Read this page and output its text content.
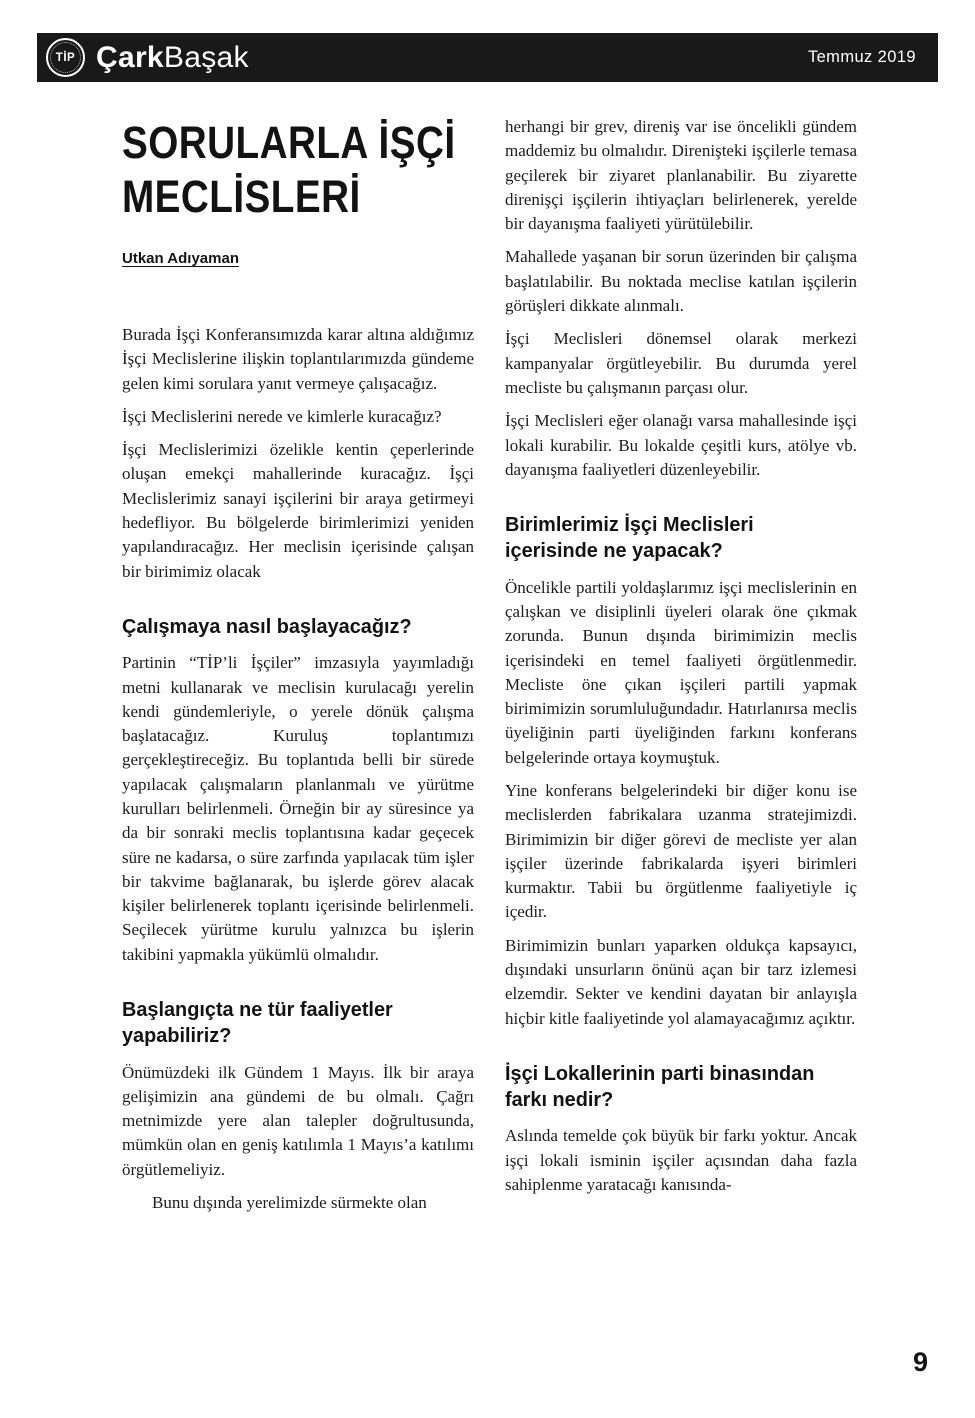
TİP Çark Başak	Temmuz 2019
SORULARLA İŞÇİ
MECLİSLERİ
Utkan Adıyaman

Burada İşçi Konferansımızda karar altına aldığımız İşçi Meclislerine ilişkin toplantılarımızda gündeme gelen kimi sorulara yanıt vermeye çalışacağız.

İşçi Meclislerini nerede ve kimlerle kuracağız?

İşçi Meclislerimizi özelikle kentin çeperlerinde oluşan emekçi mahallerinde kuracağız. İşçi Meclislerimiz sanayi işçilerini bir araya getirmeyi hedefliyor. Bu bölgelerde birimlerimizi yeniden yapılandıracağız. Her meclisin içerisinde çalışan bir birimimiz olacak

Çalışmaya nasıl başlayacağız?

Partinin “TİP’li İşçiler” imzasıyla yayımladığı metni kullanarak ve meclisin kurulacağı yerelin kendi gündemleriyle, o yerele dönük çalışma başlatacağız. Kuruluş toplantımızı gerçekleştireceğiz. Bu toplantıda belli bir sürede yapılacak çalışmaların planlanmalı ve yürütme kurulları belirlenmeli. Örneğin bir ay süresince ya da bir sonraki meclis toplantısına kadar geçecek süre ne kadarsa, o süre zarfında yapılacak tüm işler bir takvime bağlanarak, bu işlerde görev alacak kişiler belirlenerek toplantı içerisinde belirlenmeli. Seçilecek yürütme kurulu yalnızca bu işlerin takibini yapmakla yükümlü olmalıdır.

Başlangıçta ne tür faaliyetler yapabiliriz?

Önümüzdeki ilk Gündem 1 Mayıs. İlk bir araya gelişimizin ana gündemi de bu olmalı. Çağrı metnimizde yere alan talepler doğrultusunda, mümkün olan en geniş katılımla 1 Mayıs’a katılımı örgütlemeliyiz.

Bunu dışında yerelimizde sürmekte olan

herhangi bir grev, direniş var ise öncelikli gündem maddemiz bu olmalıdır. Direnişteki işçilerle temasa geçilerek bir ziyaret planlanabilir. Bu ziyarette direnişçi işçilerin ihtiyaçları belirlenerek, yerelde bir dayanışma faaliyeti yürütülebilir.

Mahallede yaşanan bir sorun üzerinden bir çalışma başlatılabilir. Bu noktada meclise katılan işçilerin görüşleri dikkate alınmalı.

İşçi Meclisleri dönemsel olarak merkezi kampanyalar örgütleyebilir. Bu durumda yerel mecliste bu çalışmanın parçası olur.

İşçi Meclisleri eğer olanağı varsa mahallesinde işçi lokali kurabilir. Bu lokalde çeşitli kurs, atölye vb. dayanışma faaliyetleri düzenleyebilir.

Birimlerimiz İşçi Meclisleri içerisinde ne yapacak?

Öncelikle partili yoldaşlarımız işçi meclislerinin en çalışkan ve disiplinli üyeleri olarak öne çıkmak zorunda. Bunun dışında birimimizin meclis içerisindeki en temel faaliyeti örgütlenmedir. Mecliste öne çıkan işçileri partili yapmak birimimizin sorumluluğundadır. Hatırlanırsa meclis üyeliğinin parti üyeliğinden farkını konferans belgelerinde ortaya koymuştuk.

Yine konferans belgelerindeki bir diğer konu ise meclislerden fabrikalara uzanma stratejimizdi. Birimimizin bir diğer görevi de mecliste yer alan işçiler üzerinde fabrikalarda işyeri birimleri kurmaktır. Tabii bu örgütlenme faaliyetiyle iç içedir.

Birimimizin bunları yaparken oldukça kapsayıcı, dışındaki unsurların önünü açan bir tarz izlemesi elzemdir. Sekter ve kendini dayatan bir anlayışla hiçbir kitle faaliyetinde yol alamayacağımız açıktır.

İşçi Lokallerinin parti binasından farkı nedir?

Aslında temelde çok büyük bir farkı yoktur. Ancak işçi lokali isminin işçiler açısından daha fazla sahiplenme yaratacağı kanısında-

9
